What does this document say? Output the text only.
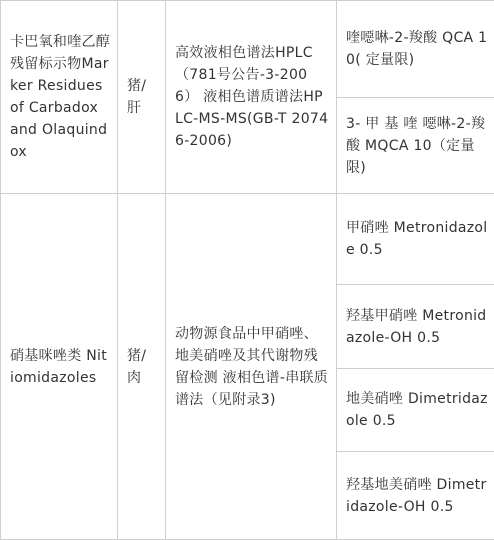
卡巴氧和喹乙醇残留标示物Marker Residues of Carbadox and Olaquindox	猪/肝	高效液相色谱法HPLC（781号公告-3-2006） 液相色谱质谱法HPLC-MS-MS(GB-T 20746-2006)	喹噁啉-2-羧酸 QCA 10( 定量限)

			3- 甲 基 喹 噁啉-2-羧酸 MQCA 10（定量限)

硝基咪唑类 Nitiomidazoles	猪/肉	动物源食品中甲硝唑、地美硝唑及其代谢物残留检测 液相色谱-串联质谱法（见附录3)	甲硝唑 Metronidazole 0.5

			羟基甲硝唑 Metronidazole-OH 0.5

			地美硝唑 Dimetridazole 0.5

			羟基地美硝唑 Dimetridazole-OH 0.5
